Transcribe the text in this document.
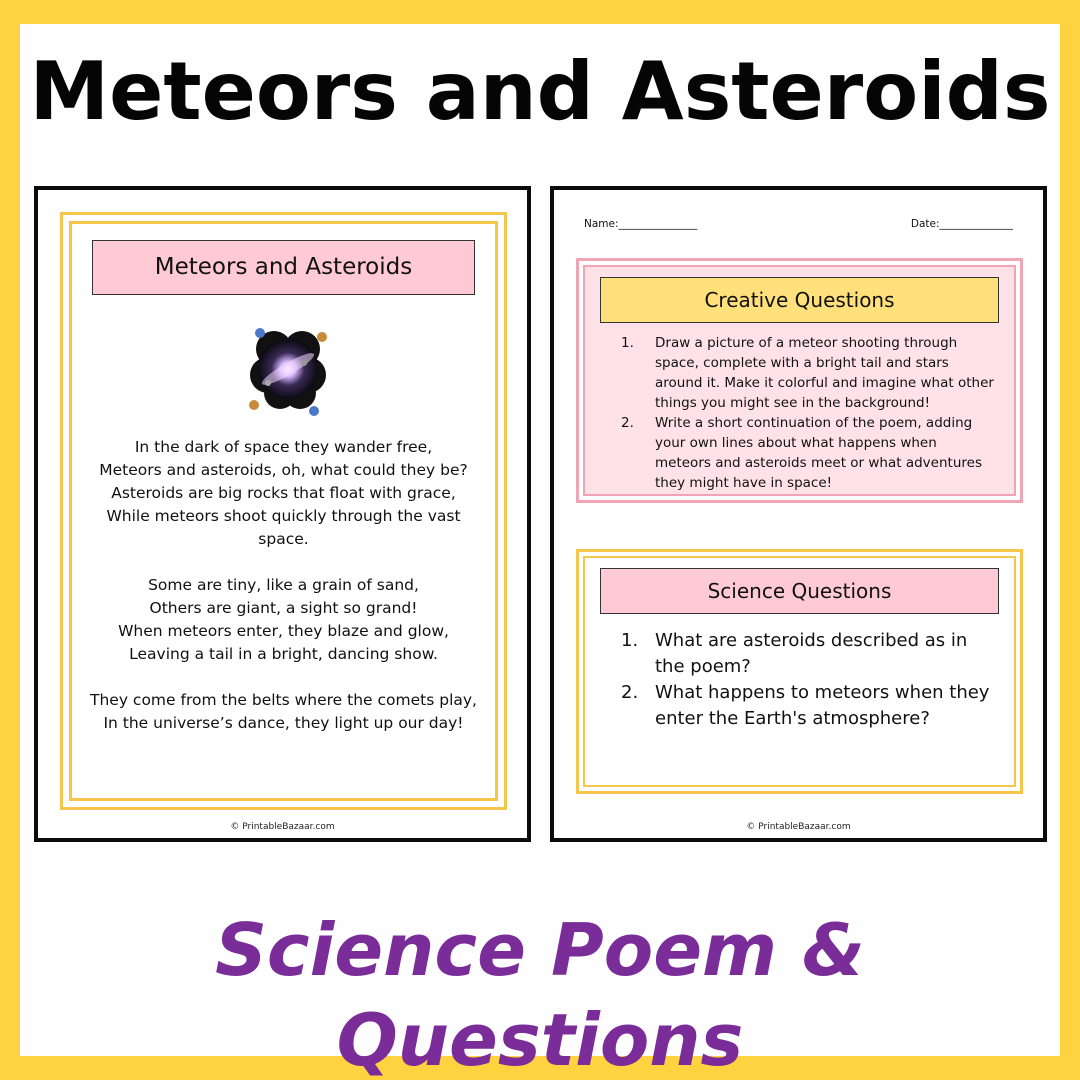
Meteors and Asteroids
Meteors and Asteroids
In the dark of space they wander free,
Meteors and asteroids, oh, what could they be?
Asteroids are big rocks that float with grace,
While meteors shoot quickly through the vast space.
Some are tiny, like a grain of sand,
Others are giant, a sight so grand!
When meteors enter, they blaze and glow,
Leaving a tail in a bright, dancing show.
They come from the belts where the comets play,
In the universe’s dance, they light up our day!
© PrintableBazaar.com
Name:_______________	Date:______________
Creative Questions
1. Draw a picture of a meteor shooting through space, complete with a bright tail and stars around it. Make it colorful and imagine what other things you might see in the background!
2. Write a short continuation of the poem, adding your own lines about what happens when meteors and asteroids meet or what adventures they might have in space!
Science Questions
1. What are asteroids described as in the poem?
2. What happens to meteors when they enter the Earth's atmosphere?
© PrintableBazaar.com
Science Poem & Questions
